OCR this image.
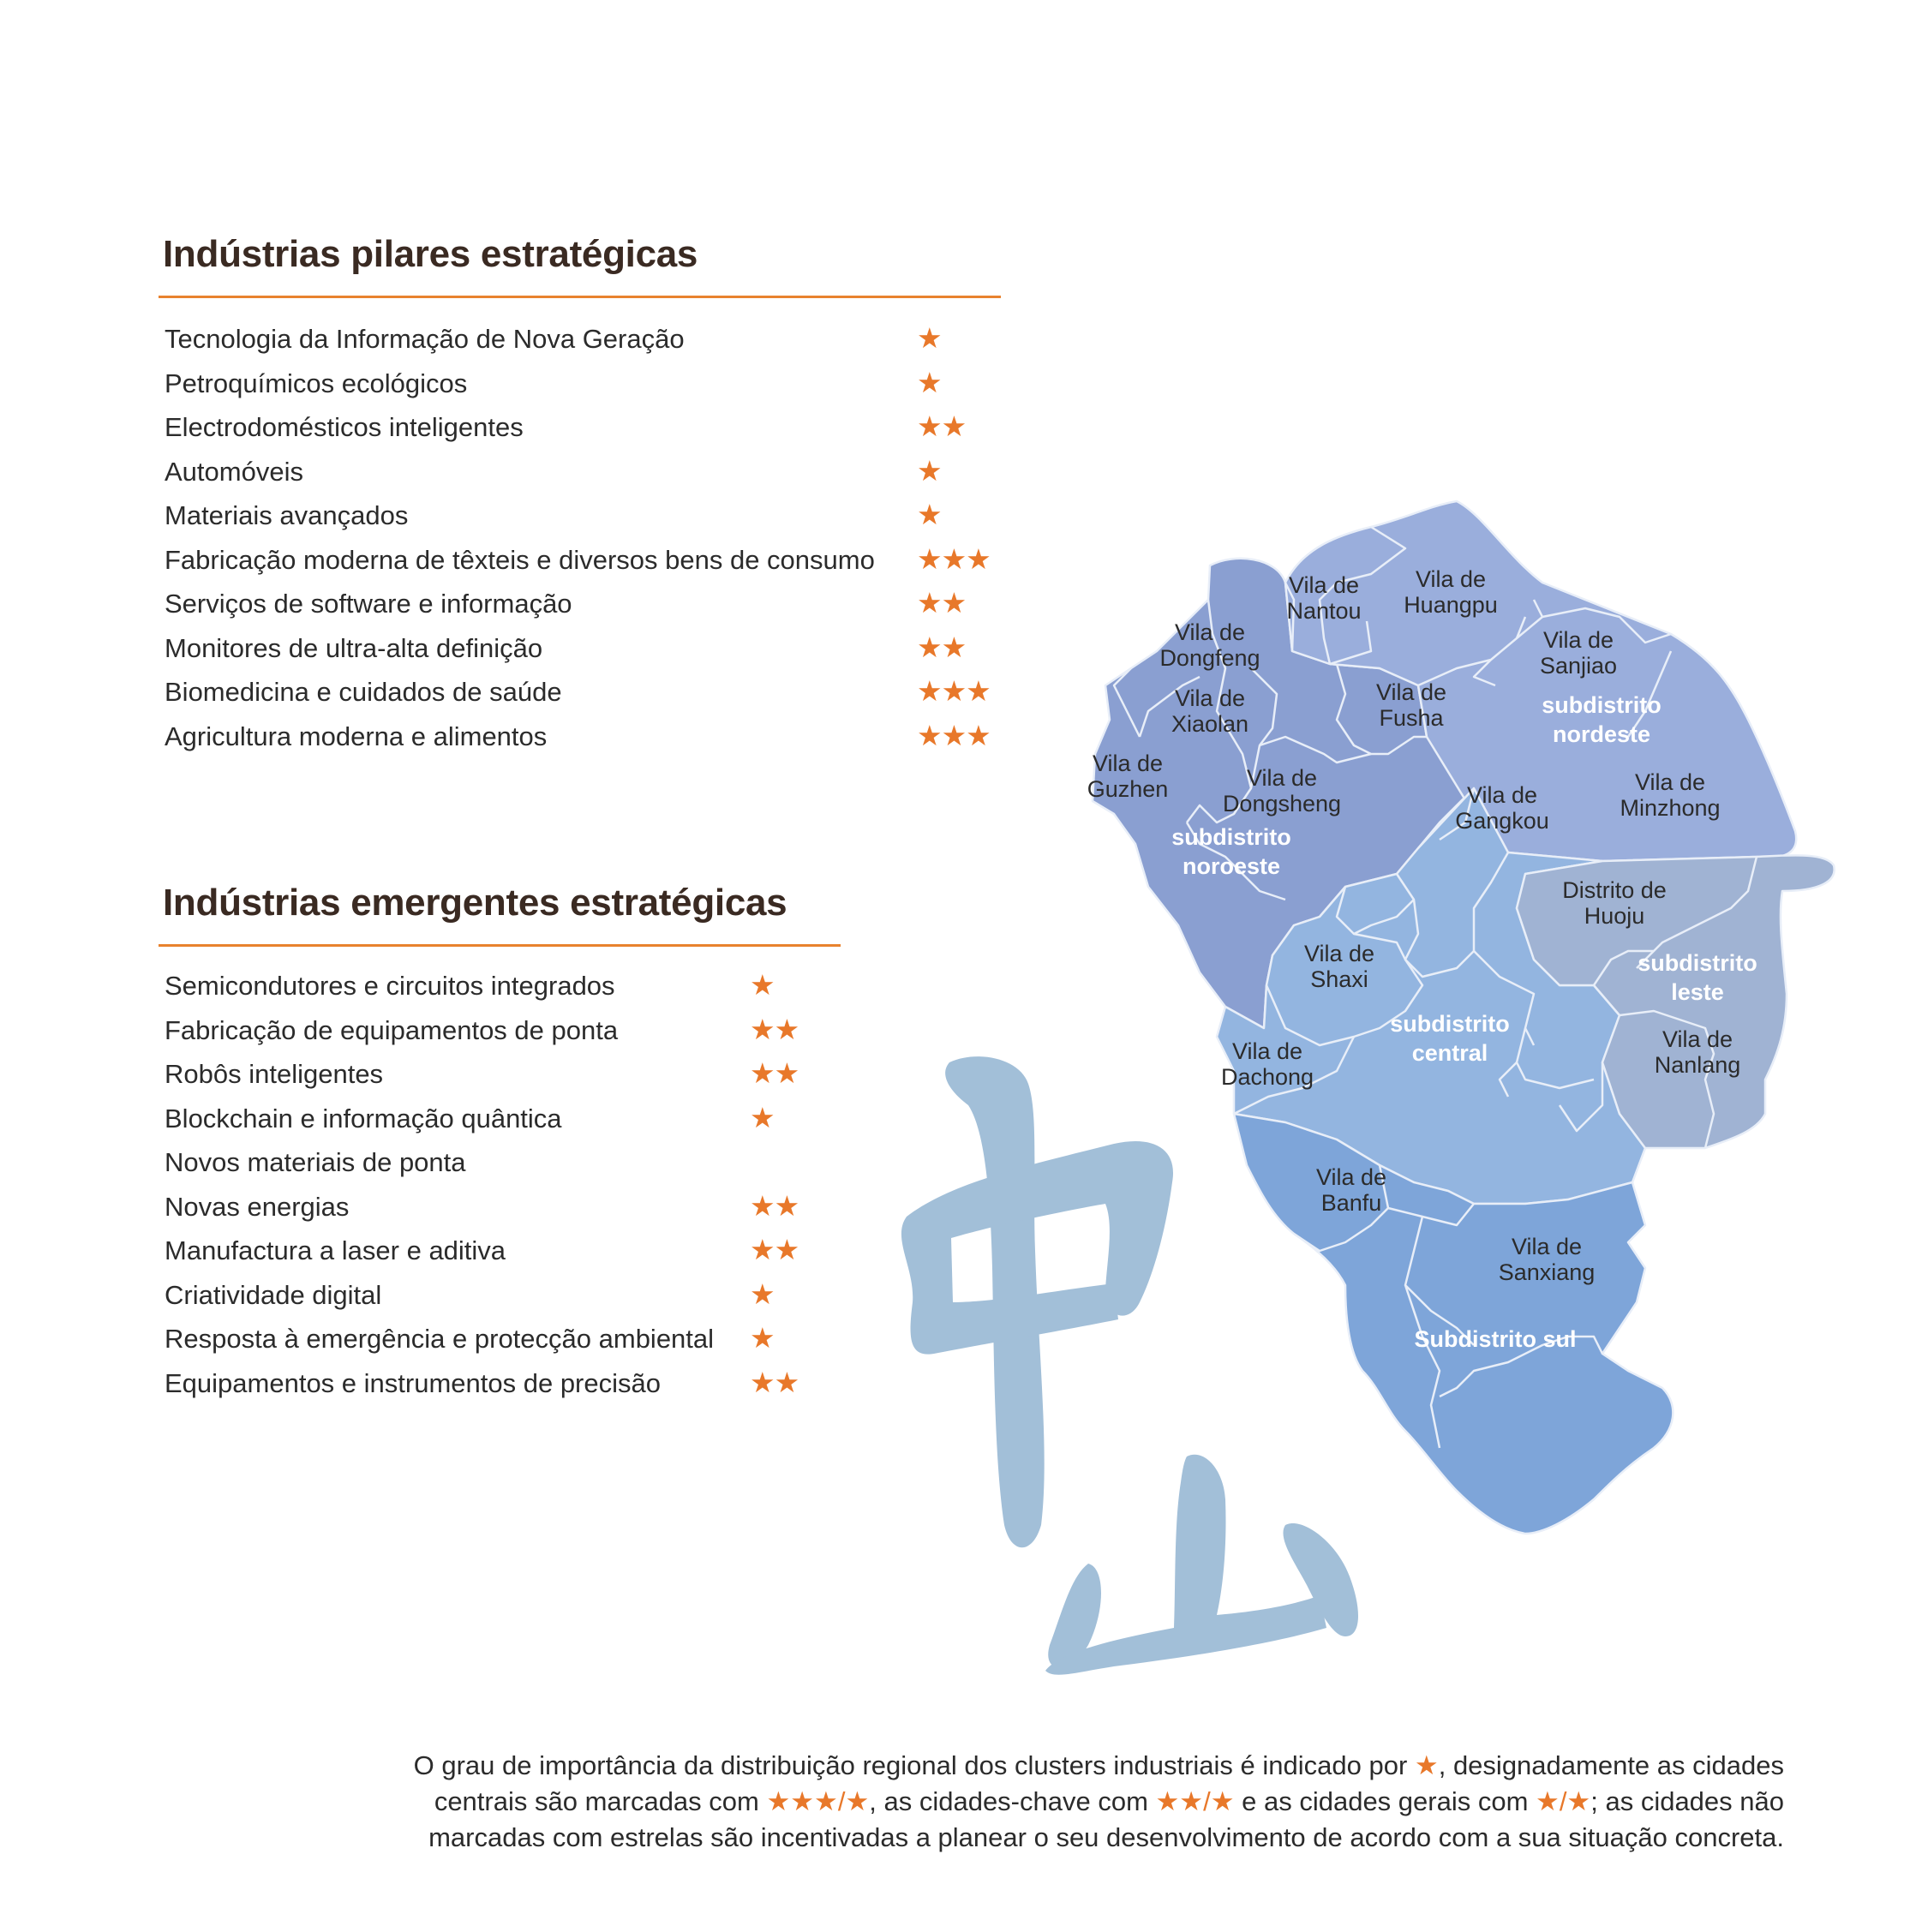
Indústrias pilares estratégicas
Tecnologia da Informação de Nova Geração	★
Petroquímicos ecológicos	★
Electrodomésticos inteligentes	★★
Automóveis	★
Materiais avançados	★
Fabricação moderna de têxteis e diversos bens de consumo ★★★
Serviços de software e informação	★★
Monitores de ultra-alta definição	★★
Biomedicina e cuidados de saúde	★★★
Agricultura moderna e alimentos	★★★
Indústrias emergentes estratégicas
Semicondutores e circuitos integrados	★
Fabricação de equipamentos de ponta	★★
Robôs inteligentes	★★
Blockchain e informação quântica	★
Novos materiais de ponta
Novas energias	★★
Manufactura a laser e aditiva	★★
Criatividade digital	★
Resposta à emergência e protecção ambiental ★
Equipamentos e instrumentos de precisão	★★
Vila de Nantou
Vila de Huangpu
Vila de Dongfeng
Vila de Sanjiao
Vila de Xiaolan
Vila de Fusha	subdistrito nordeste
Vila de Guzhen	Vila de Dongsheng	Vila de Gangkou
Vila de Minzhong
subdistrito noroeste
Distrito de Huoju
Vila de Shaxi
subdistrito leste
subdistrito central
Vila de Dachong
Vila de Nanlang
Vila de Banfu
Vila de Sanxiang
Subdistrito sul

O grau de importância da distribuição regional dos clusters industriais é indicado por ★, designadamente as cidades

centrais são marcadas com ★★★/★, as cidades-chave com ★★/★ e as cidades gerais com ★/★; as cidades não

marcadas com estrelas são incentivadas a planear o seu desenvolvimento de acordo com a sua situação concreta.
